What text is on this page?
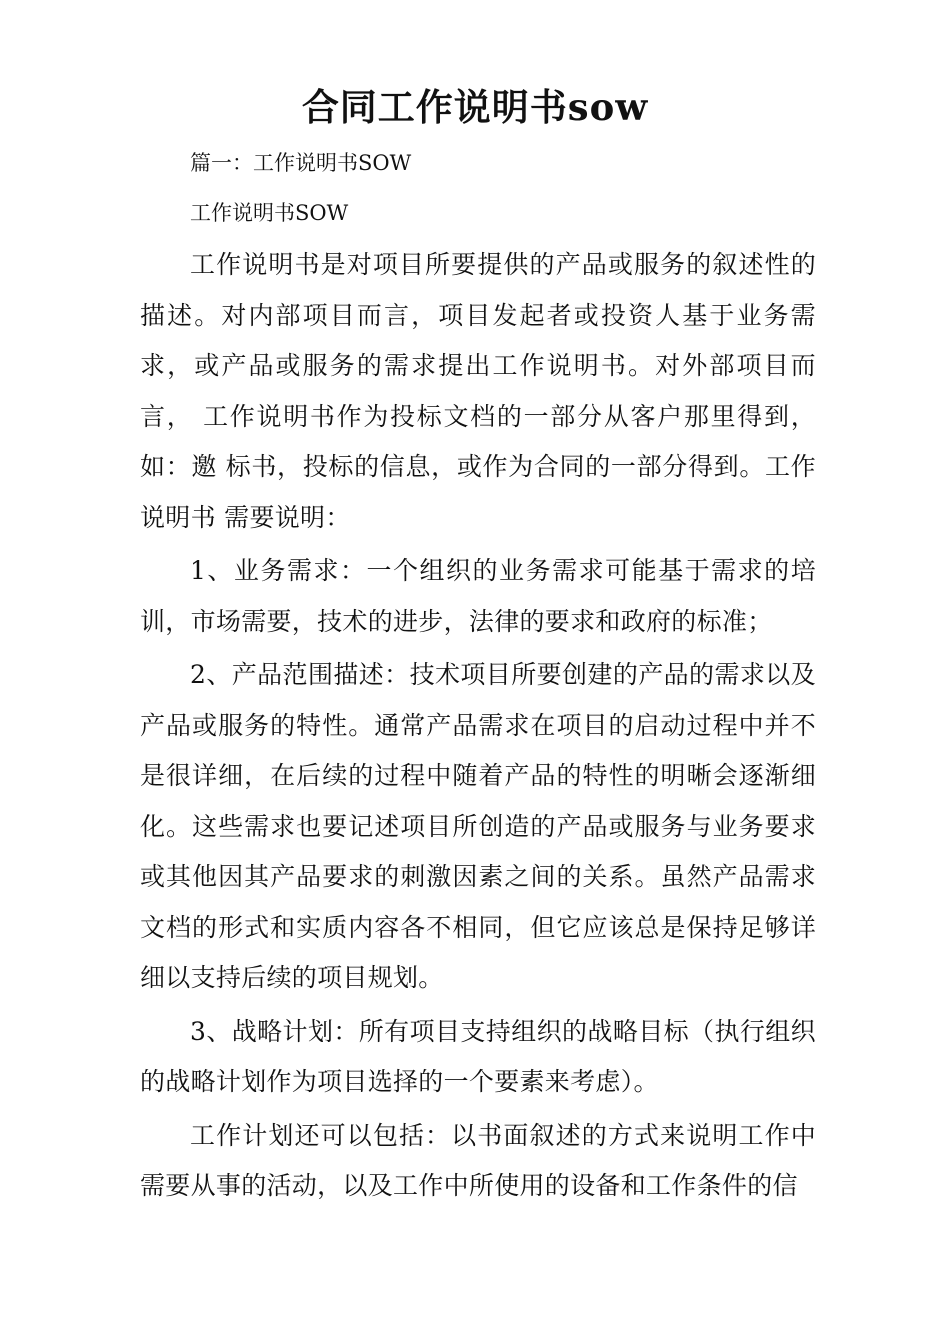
合同工作说明书sow

篇一：工作说明书SOW

工作说明书SOW

工作说明书是对项目所要提供的产品或服务的叙述性的描述。对内部项目而言，项目发起者或投资人基于业务需求，或产品或服务的需求提出工作说明书。对外部项目而言， 工作说明书作为投标文档的一部分从客户那里得到，如：邀 标书，投标的信息，或作为合同的一部分得到。工作说明书 需要说明：

1、业务需求：一个组织的业务需求可能基于需求的培训，市场需要，技术的进步，法律的要求和政府的标准；

2、产品范围描述：技术项目所要创建的产品的需求以及产品或服务的特性。通常产品需求在项目的启动过程中并不是很详细，在后续的过程中随着产品的特性的明晰会逐渐细化。这些需求也要记述项目所创造的产品或服务与业务要求或其他因其产品要求的刺激因素之间的关系。虽然产品需求文档的形式和实质内容各不相同，但它应该总是保持足够详细以支持后续的项目规划。

3、战略计划：所有项目支持组织的战略目标（执行组织的战略计划作为项目选择的一个要素来考虑）。

工作计划还可以包括：以书面叙述的方式来说明工作中需要从事的活动，以及工作中所使用的设备和工作条件的信
